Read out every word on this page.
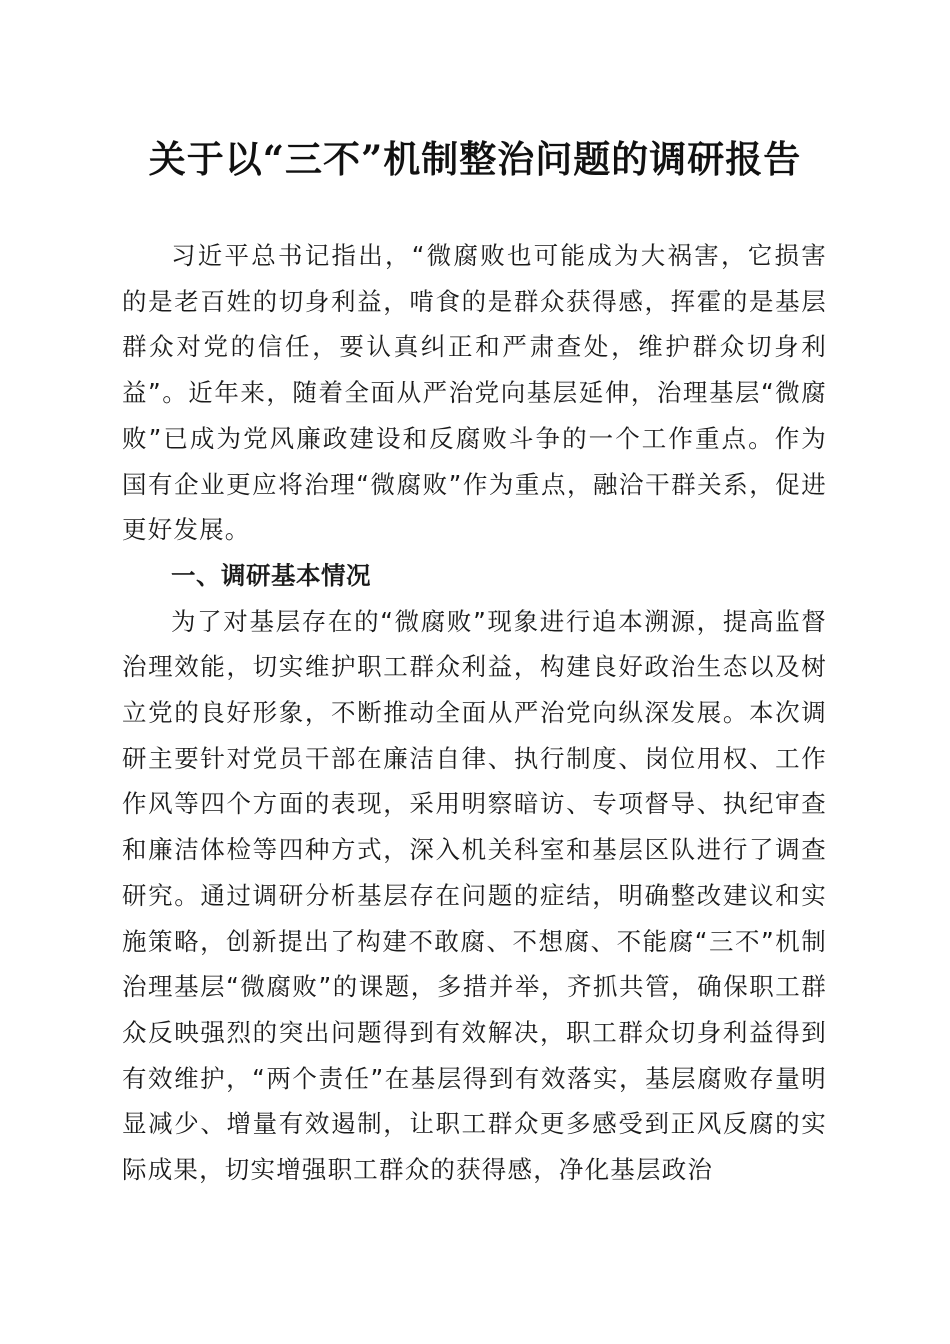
关于以“三不”机制整治问题的调研报告

习近平总书记指出，“微腐败也可能成为大祸害，它损害的是老百姓的切身利益，啃食的是群众获得感，挥霍的是基层群众对党的信任，要认真纠正和严肃查处，维护群众切身利益”。近年来，随着全面从严治党向基层延伸，治理基层“微腐败”已成为党风廉政建设和反腐败斗争的一个工作重点。作为国有企业更应将治理“微腐败”作为重点，融洽干群关系，促进更好发展。

一、调研基本情况

为了对基层存在的“微腐败”现象进行追本溯源，提高监督治理效能，切实维护职工群众利益，构建良好政治生态以及树立党的良好形象，不断推动全面从严治党向纵深发展。本次调研主要针对党员干部在廉洁自律、执行制度、岗位用权、工作作风等四个方面的表现，采用明察暗访、专项督导、执纪审查和廉洁体检等四种方式，深入机关科室和基层区队进行了调查研究。通过调研分析基层存在问题的症结，明确整改建议和实施策略，创新提出了构建不敢腐、不想腐、不能腐“三不”机制治理基层“微腐败”的课题，多措并举，齐抓共管，确保职工群众反映强烈的突出问题得到有效解决，职工群众切身利益得到有效维护，“两个责任”在基层得到有效落实，基层腐败存量明显减少、增量有效遏制，让职工群众更多感受到正风反腐的实际成果，切实增强职工群众的获得感，净化基层政治
